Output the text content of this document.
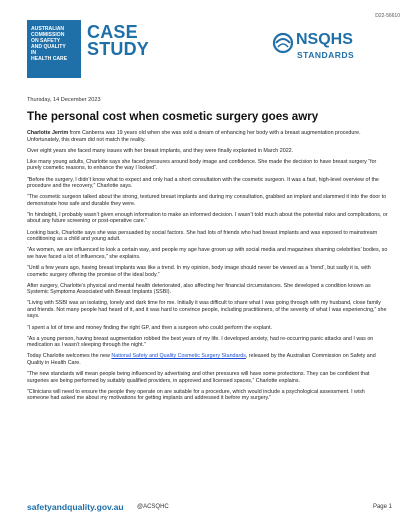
D22-56610
AUSTRALIAN
COMMISSION
ON SAFETY
AND QUALITY
IN
HEALTH CARE
CASE
STUDY	NSQHS
STANDARDS
Thursday, 14 December 2023
The personal cost when cosmetic surgery goes awry

Charlotte Jerrim from Canberra was 19 years old when she was sold a dream of enhancing her body with a breast augmentation procedure. Unfortunately, this dream did not match the reality.

Over eight years she faced many issues with her breast implants, and they were finally explanted in March 2022.

Like many young adults, Charlotte says she faced pressures around body image and confidence. She made the decision to have breast surgery “for purely cosmetic reasons, to enhance the way I looked”.

“Before the surgery, I didn’t know what to expect and only had a short consultation with the cosmetic surgeon. It was a fast, high-level overview of the procedure and the recovery,” Charlotte says.

“The cosmetic surgeon talked about the strong, textured breast implants and during my consultation, grabbed an implant and slammed it into the door to demonstrate how safe and durable they were.

“In hindsight, I probably wasn’t given enough information to make an informed decision. I wasn’t told much about the potential risks and complications, or about any future screening or post-operative care.”

Looking back, Charlotte says she was persuaded by social factors. She had lots of friends who had breast implants and was exposed to mainstream conditioning as a child and young adult.

“As women, we are influenced to look a certain way, and people my age have grown up with social media and magazines shaming celebrities’ bodies, so we have faced a lot of influences,” she explains.

“Until a few years ago, having breast implants was like a trend. In my opinion, body image should never be viewed as a ‘trend’, but sadly it is, with cosmetic surgery offering the promise of the ideal body.”

After surgery, Charlotte’s physical and mental health deteriorated, also affecting her financial circumstances. She developed a condition known as Systemic Symptoms Associated with Breast Implants (SSBI).

“Living with SSBI was an isolating, lonely and dark time for me. Initially it was difficult to share what I was going through with my husband, close family and friends. Not many people had heard of it, and it was hard to convince people, including practitioners, of the severity of what I was experiencing,” she says.

“I spent a lot of time and money finding the right GP, and then a surgeon who could perform the explant.

“As a young person, having breast augmentation robbed the best years of my life. I developed anxiety, had re-occurring panic attacks and I was on medication as I wasn’t sleeping through the night.”

Today Charlotte welcomes the new National Safety and Quality Cosmetic Surgery Standards, released by the Australian Commission on Safety and Quality in Health Care.

“The new standards will mean people being influenced by advertising and other pressures will have some protections. They can be confident that surgeries are being performed by suitably qualified providers, in approved and licensed spaces,” Charlotte explains.

“Clinicians will need to ensure the people they operate on are suitable for a procedure, which would include a psychological assessment. I wish someone had asked me about my motivations for getting implants and addressed it before my surgery.”

safetyandquality.gov.au @ACSQHC	Page 1
